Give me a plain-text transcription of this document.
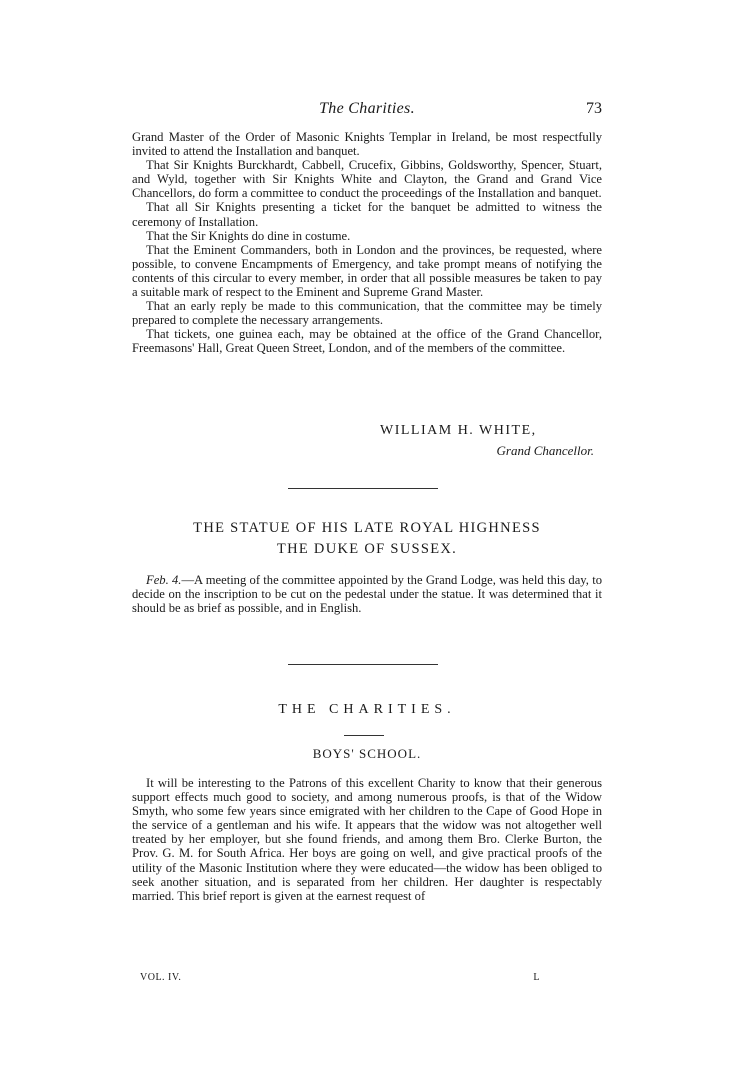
The Charities.	73

Grand Master of the Order of Masonic Knights Templar in Ireland, be most respectfully invited to attend the Installation and banquet.

That Sir Knights Burckhardt, Cabbell, Crucefix, Gibbins, Goldsworthy, Spencer, Stuart, and Wyld, together with Sir Knights White and Clayton, the Grand and Grand Vice Chancellors, do form a committee to conduct the proceedings of the Installation and banquet.

That all Sir Knights presenting a ticket for the banquet be admitted to witness the ceremony of Installation.

That the Sir Knights do dine in costume.

That the Eminent Commanders, both in London and the provinces, be requested, where possible, to convene Encampments of Emergency, and take prompt means of notifying the contents of this circular to every member, in order that all possible measures be taken to pay a suitable mark of respect to the Eminent and Supreme Grand Master.

That an early reply be made to this communication, that the committee may be timely prepared to complete the necessary arrangements.

That tickets, one guinea each, may be obtained at the office of the Grand Chancellor, Freemasons' Hall, Great Queen Street, London, and of the members of the committee.

WILLIAM H. WHITE,
Grand Chancellor.
THE STATUE OF HIS LATE ROYAL HIGHNESS
THE DUKE OF SUSSEX.

Feb. 4.—A meeting of the committee appointed by the Grand Lodge, was held this day, to decide on the inscription to be cut on the pedestal under the statue. It was determined that it should be as brief as possible, and in English.

THE CHARITIES.
BOYS' SCHOOL.

It will be interesting to the Patrons of this excellent Charity to know that their generous support effects much good to society, and among numerous proofs, is that of the Widow Smyth, who some few years since emigrated with her children to the Cape of Good Hope in the service of a gentleman and his wife. It appears that the widow was not altogether well treated by her employer, but she found friends, and among them Bro. Clerke Burton, the Prov. G. M. for South Africa. Her boys are going on well, and give practical proofs of the utility of the Masonic Institution where they were educated—the widow has been obliged to seek another situation, and is separated from her children. Her daughter is respectably married. This brief report is given at the earnest request of

VOL. IV.	L
